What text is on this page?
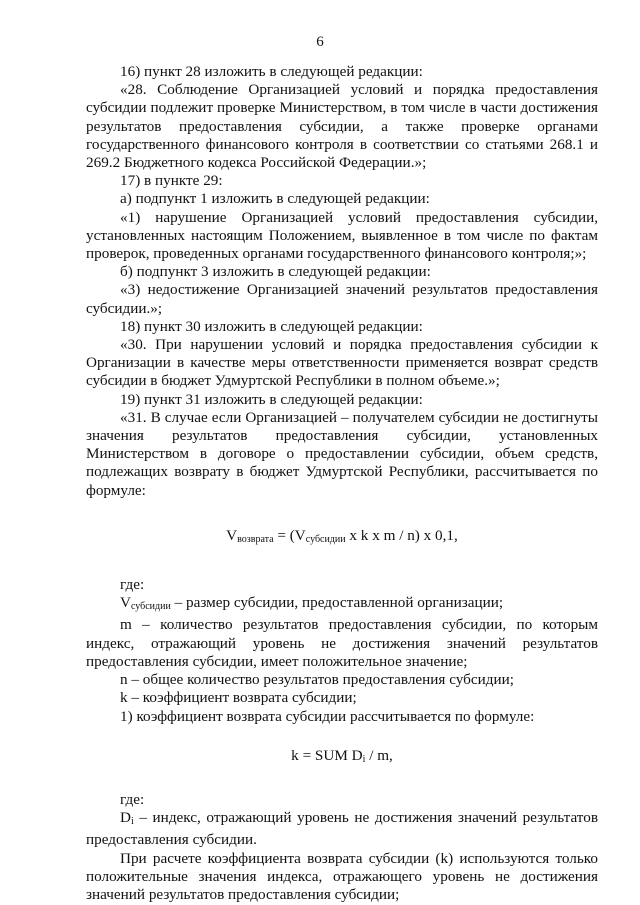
6

16) пункт 28 изложить в следующей редакции:

«28. Соблюдение Организацией условий и порядка предоставления субсидии подлежит проверке Министерством, в том числе в части достижения результатов предоставления субсидии, а также проверке органами государственного финансового контроля в соответствии со статьями 268.1 и 269.2 Бюджетного кодекса Российской Федерации.»;

17) в пункте 29:

а) подпункт 1 изложить в следующей редакции:

«1) нарушение Организацией условий предоставления субсидии, установленных настоящим Положением, выявленное в том числе по фактам проверок, проведенных органами государственного финансового контроля;»;

б) подпункт 3 изложить в следующей редакции:

«3) недостижение Организацией значений результатов предоставления субсидии.»;

18) пункт 30 изложить в следующей редакции:

«30. При нарушении условий и порядка предоставления субсидии к Организации в качестве меры ответственности применяется возврат средств субсидии в бюджет Удмуртской Республики в полном объеме.»;

19) пункт 31 изложить в следующей редакции:

«31. В случае если Организацией – получателем субсидии не достигнуты значения результатов предоставления субсидии, установленных Министерством в договоре о предоставлении субсидии, объем средств, подлежащих возврату в бюджет Удмуртской Республики, рассчитывается по формуле:

Vвозврата = (Vсубсидии x k x m / n) x 0,1,

где:

Vсубсидии – размер субсидии, предоставленной организации;

m – количество результатов предоставления субсидии, по которым индекс, отражающий уровень не достижения значений результатов предоставления субсидии, имеет положительное значение;

n – общее количество результатов предоставления субсидии;

k – коэффициент возврата субсидии;

1) коэффициент возврата субсидии рассчитывается по формуле:

k = SUM Di / m,

где:

Di – индекс, отражающий уровень не достижения значений результатов предоставления субсидии.

При расчете коэффициента возврата субсидии (k) используются только положительные значения индекса, отражающего уровень не достижения значений результатов предоставления субсидии;
